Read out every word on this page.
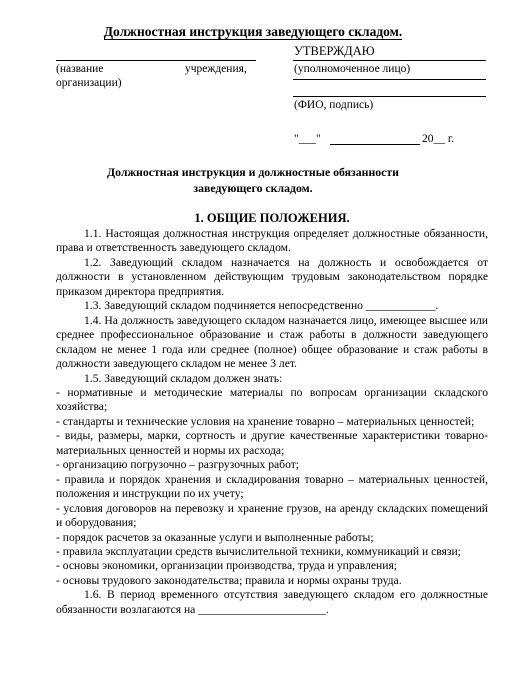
Должностная инструкция заведующего складом.
УТВЕРЖДАЮ
(уполномоченное лицо)
(ФИО, подпись)
"___"	20__ г.
(название	учреждения,
организации)
Должностная инструкция и должностные обязанности
заведующего складом.
1. ОБЩИЕ ПОЛОЖЕНИЯ.

1.1. Настоящая должностная инструкция определяет должностные обязанности, права и ответственность заведующего складом.

1.2. Заведующий складом назначается на должность и освобождается от должности в установленном действующим трудовым законодательством порядке приказом директора предприятия.

1.3. Заведующий складом подчиняется непосредственно ____________.

1.4. На должность заведующего складом назначается лицо, имеющее высшее или среднее профессиональное образование и стаж работы в должности заведующего складом не менее 1 года или среднее (полное) общее образование и стаж работы в должности заведующего складом не менее 3 лет.

1.5. Заведующий складом должен знать:

- нормативные и методические материалы по вопросам организации складского хозяйства;

- стандарты и технические условия на хранение товарно – материальных ценностей;

- виды, размеры, марки, сортность и другие качественные характеристики товарно-материальных ценностей и нормы их расхода;

- организацию погрузочно – разгрузочных работ;

- правила и порядок хранения и складирования товарно – материальных ценностей, положения и инструкции по их учету;

- условия договоров на перевозку и хранение грузов, на аренду складских помещений и оборудования;

- порядок расчетов за оказанные услуги и выполненные работы;

- правила эксплуатации средств вычислительной техники, коммуникаций и связи;

- основы экономики, организации производства, труда и управления;

- основы трудового законодательства; правила и нормы охраны труда.

1.6. В период временного отсутствия заведующего складом его должностные обязанности возлагаются на ______________________.
